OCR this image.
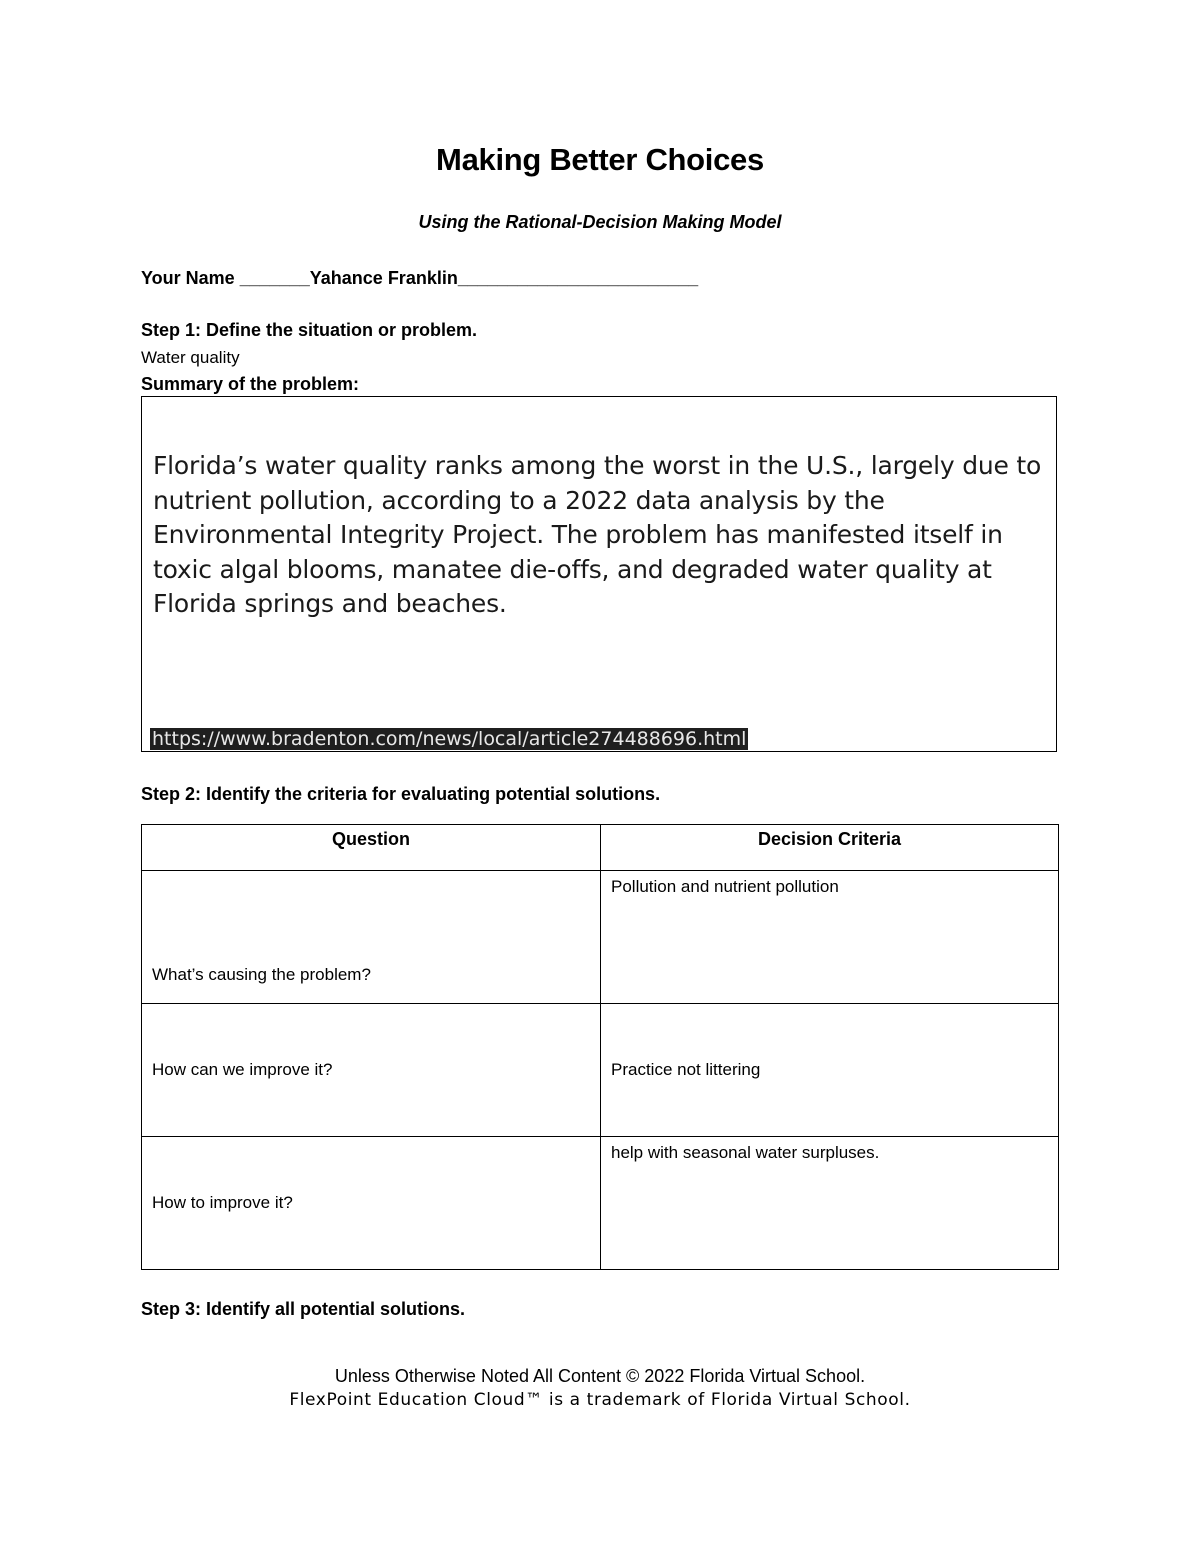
Making Better Choices
Using the Rational-Decision Making Model
Your Name _______Yahance Franklin________________________
Step 1: Define the situation or problem.
Water quality
Summary of the problem:
Florida’s water quality ranks among the worst in the U.S., largely due to nutrient pollution, according to a 2022 data analysis by the Environmental Integrity Project. The problem has manifested itself in toxic algal blooms, manatee die-offs, and degraded water quality at Florida springs and beaches.
https://www.bradenton.com/news/local/article274488696.html
Step 2: Identify the criteria for evaluating potential solutions.
Question	Decision Criteria
What’s causing the problem?	Pollution and nutrient pollution
How can we improve it?	Practice not littering
How to improve it?	help with seasonal water surpluses.
Step 3: Identify all potential solutions.
Unless Otherwise Noted All Content © 2022 Florida Virtual School.
FlexPoint Education Cloud™ is a trademark of Florida Virtual School.
